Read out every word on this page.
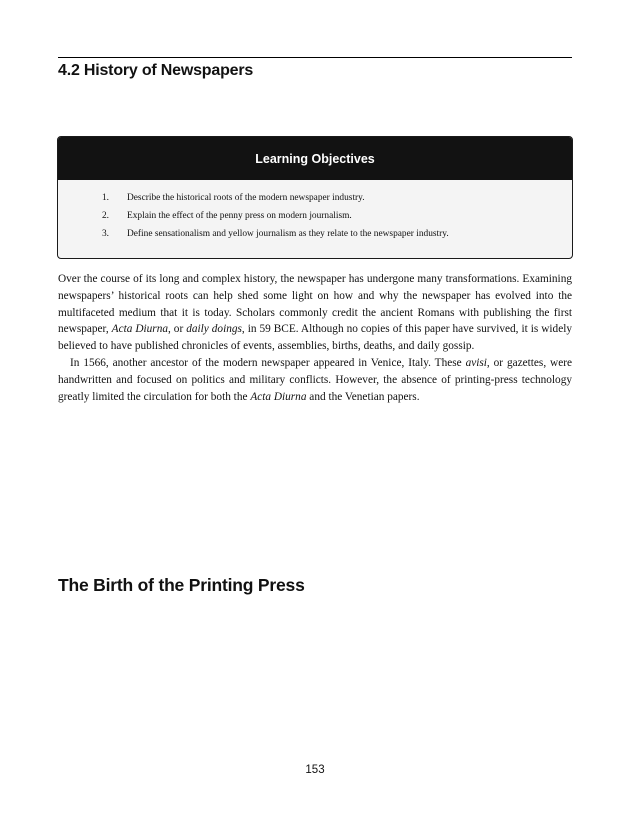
4.2 History of Newspapers
Learning Objectives
1. Describe the historical roots of the modern newspaper industry.
2. Explain the effect of the penny press on modern journalism.
3. Define sensationalism and yellow journalism as they relate to the newspaper industry.

Over the course of its long and complex history, the newspaper has undergone many transformations. Examining newspapers’ historical roots can help shed some light on how and why the newspaper has evolved into the multifaceted medium that it is today. Scholars commonly credit the ancient Romans with publishing the first newspaper, Acta Diurna, or daily doings, in 59 BCE. Although no copies of this paper have survived, it is widely believed to have published chronicles of events, assemblies, births, deaths, and daily gossip.

In 1566, another ancestor of the modern newspaper appeared in Venice, Italy. These avisi, or gazettes, were handwritten and focused on politics and military conflicts. However, the absence of printing-press technology greatly limited the circulation for both the Acta Diurna and the Venetian papers.

The Birth of the Printing Press
153
